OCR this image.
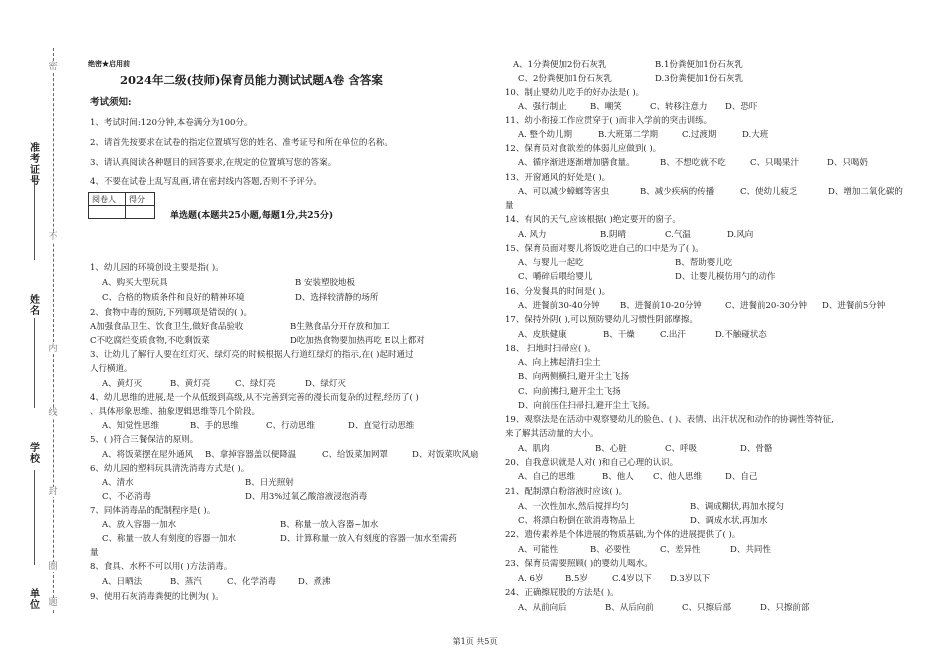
准考证号
姓名
学校
单位
密
不
内
线
封
圈
题
绝密★启用前
2024年二级(技师)保育员能力测试试题A卷 含答案
考试须知:
1、考试时间:120分钟,本卷满分为100分。
2、请首先按要求在试卷的指定位置填写您的姓名、准考证号和所在单位的名称。
3、请认真阅读各种题目的回答要求,在规定的位置填写您的答案。
4、不要在试卷上乱写乱画,请在密封线内答题,否则不予评分。
阅卷人	得分

单选题(本题共25小题,每题1分,共25分)
1、幼儿园的环境创设主要是指( )。
A、购买大型玩具	B 安装塑胶地板
C、合格的物质条件和良好的精神环境	D、选择较清静的场所
2、食物中毒的预防,下列哪项是错误的( )。
A加强食品卫生、饮食卫生,做好食品验收	B生熟食品分开存放和加工
C不吃腐烂变质食物,不吃剩饭菜	D吃加热食物要加热再吃 E以上都对
3、让幼儿了解行人要在红灯灭、绿灯亮的时候根据人行道红绿灯的指示,在( )起时通过
人行横道。
A、黄灯灭	B、黄灯亮	C、绿灯亮	D、绿灯灭
4、幼儿思维的进展,是一个从低级到高级,从不完善到完善的漫长而复杂的过程,经历了( )
、具体形象思维、抽象逻辑思维等几个阶段。
A、知觉性思维	B、手的思维	C、行动思维	D、直觉行动思维
5、( )符合三餐保洁的原则。
A、将饭菜摆在屋外通风 B、拿掉容器盖以便降温	C、给饭菜加网罩	D、对饭菜吹风扇
6、幼儿园的塑料玩具清洗消毒方式是( )。
A、清水	B、日光照射
C、不必消毒	D、用3%过氧乙酸溶液浸泡消毒
7、同体消毒品的配制程序是( )。
A、放入容器一加水	B、称量一放入容器~加水
C、称量一放人有刻度的容器一加水	D、计算称量一放入有刻度的容器一加水至需药
量
8、食具、水杯不可以用( )方法消毒。
A、日晒法	B、蒸汽	C、化学消毒	D、煮沸
9、使用石灰消毒粪便的比例为( )。
A、1分粪便加2份石灰乳	B.1份粪便加1份石灰乳
C、2份粪便加1份石灰乳	D.3份粪便加1份石灰乳
10、制止婴幼儿吃手的好办法是( )。
A、强行制止	B、嘲笑	C、转移注意力 D、恐吓
11、幼小衔接工作应贯穿于( )而非入学前的突击训练。
A. 整个幼儿期	B.大班第二学期	C.过渡期	D.大班
12、保育员对食欲差的体弱儿应做到( )。
A、循序渐进逐渐增加膳食量。	B、不想吃就不吃	C、只喝果汁	D、只喝奶
13、开窗通风的好处是( )。
A、可以减少蟑螂等害虫	B、减少疾病的传播	C、使幼儿疲乏	D、增加二氧化碳的
量
14、有风的天气,应该根据( )绝定要开的窗子。
A. 风力	B.阴晴	C.气温	D.风向
15、保育员面对婴儿将饭吃进自己的口中是为了( )。
A、与婴儿一起吃	B、帮助婴儿吃
C、嚼碎后喂给婴儿	D、让婴儿模仿用勺的动作
16、分发餐具的时间是( )。
A、进餐前30-40分钟 B、进餐前10-20分钟	C、进餐前20-30分钟 D、进餐前5分钟
17、保持外阴( ),可以预防婴幼儿习惯性阴部摩擦。
A、皮肤健康	B、干燥	C.出汗	D.不触碰状态
18、 扫地时扫帚应( )。
A、向上拂起清扫尘土
B、向两侧横扫,避开尘土飞扬
C、向前拂扫,避开尘土飞扬
D、向前压住扫帚扫,避开尘土飞扬。
19、观察法是在活动中观察婴幼儿的脸色、( )、表情、出汗状况和动作的协调性等特征,
来了解其活动量的大小。
A、肌肉	B、心脏	C、呼吸	D、骨骼
20、自我意识就是人对( )和自己心理的认识。
A、自己的思维	B、他人 C、他人思维	D、自己
21、配制漂白粉溶液时应该( )。
A、一次性加水,然后搅拌均匀	B、调成糊状,再加水搅匀
C、将漂白粉倒在欲消毒物品上	D、调成水状,再加水
22、遗传素养是个体进展的物质基础,为个体的进展提供了( )。
A、可能性	B、必要性	C、差异性	D、共同性
23、保育员需要照顾( )的婴幼儿喝水。
A. 6岁	B.5岁	C.4岁以下 D.3岁以下
24、正确擦屁股的方法是( )。
A、从前向后	B、从后向前	C、只擦后部	D、只擦前部
第1页 共5页
